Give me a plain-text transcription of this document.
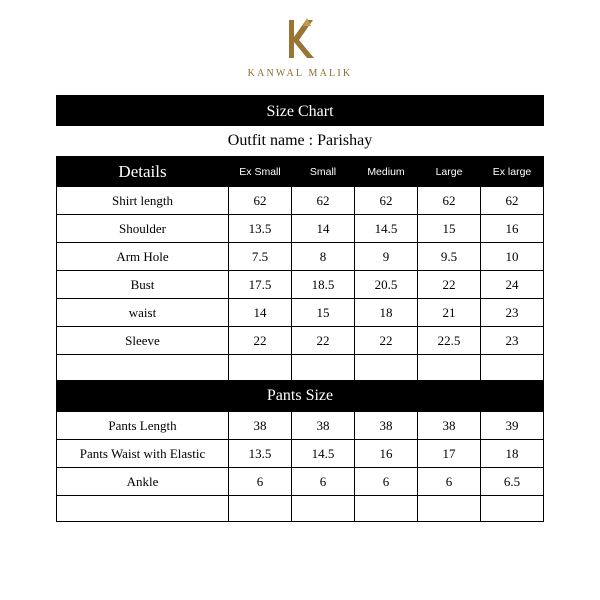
KANWAL MALIK
Size Chart
Outfit name : Parishay
Details	Ex Small	Small	Medium	Large	Ex large
Shirt length	62	62	62	62	62
Shoulder	13.5	14	14.5	15	16
Arm Hole	7.5	8	9	9.5	10
Bust	17.5	18.5	20.5	22	24
waist	14	15	18	21	23
Sleeve	22	22	22	22.5	23

Pants Size					
Pants Length	38	38	38	38	39
Pants Waist with Elastic	13.5	14.5	16	17	18
Ankle	6	6	6	6	6.5
